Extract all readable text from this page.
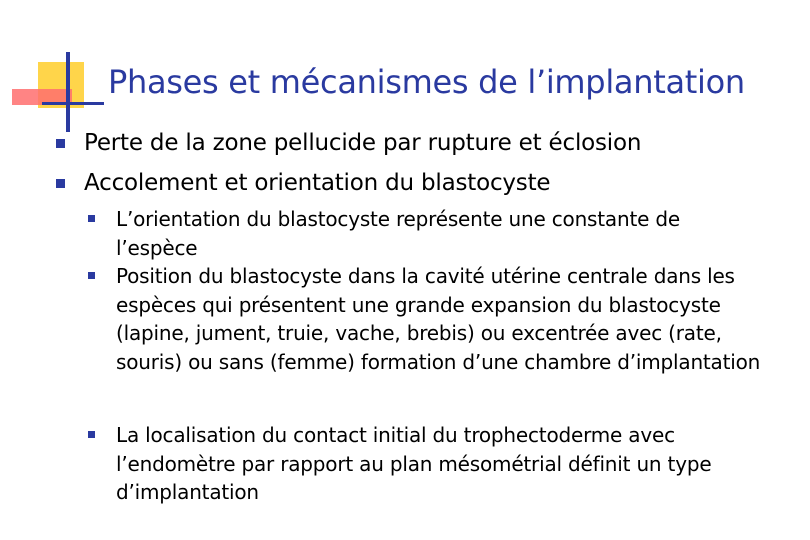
Phases et mécanismes de l’implantation
Perte de la zone pellucide par rupture et éclosion
Accolement et orientation du blastocyste
L’orientation du blastocyste représente une constante de l’espèce
Position du blastocyste dans la cavité utérine centrale dans les espèces qui présentent une grande expansion du blastocyste (lapine, jument, truie, vache, brebis) ou excentrée avec (rate, souris) ou sans (femme) formation d’une chambre d’implantation
La localisation du contact initial du trophectoderme avec l’endomètre par rapport au plan mésométrial définit un type d’implantation
